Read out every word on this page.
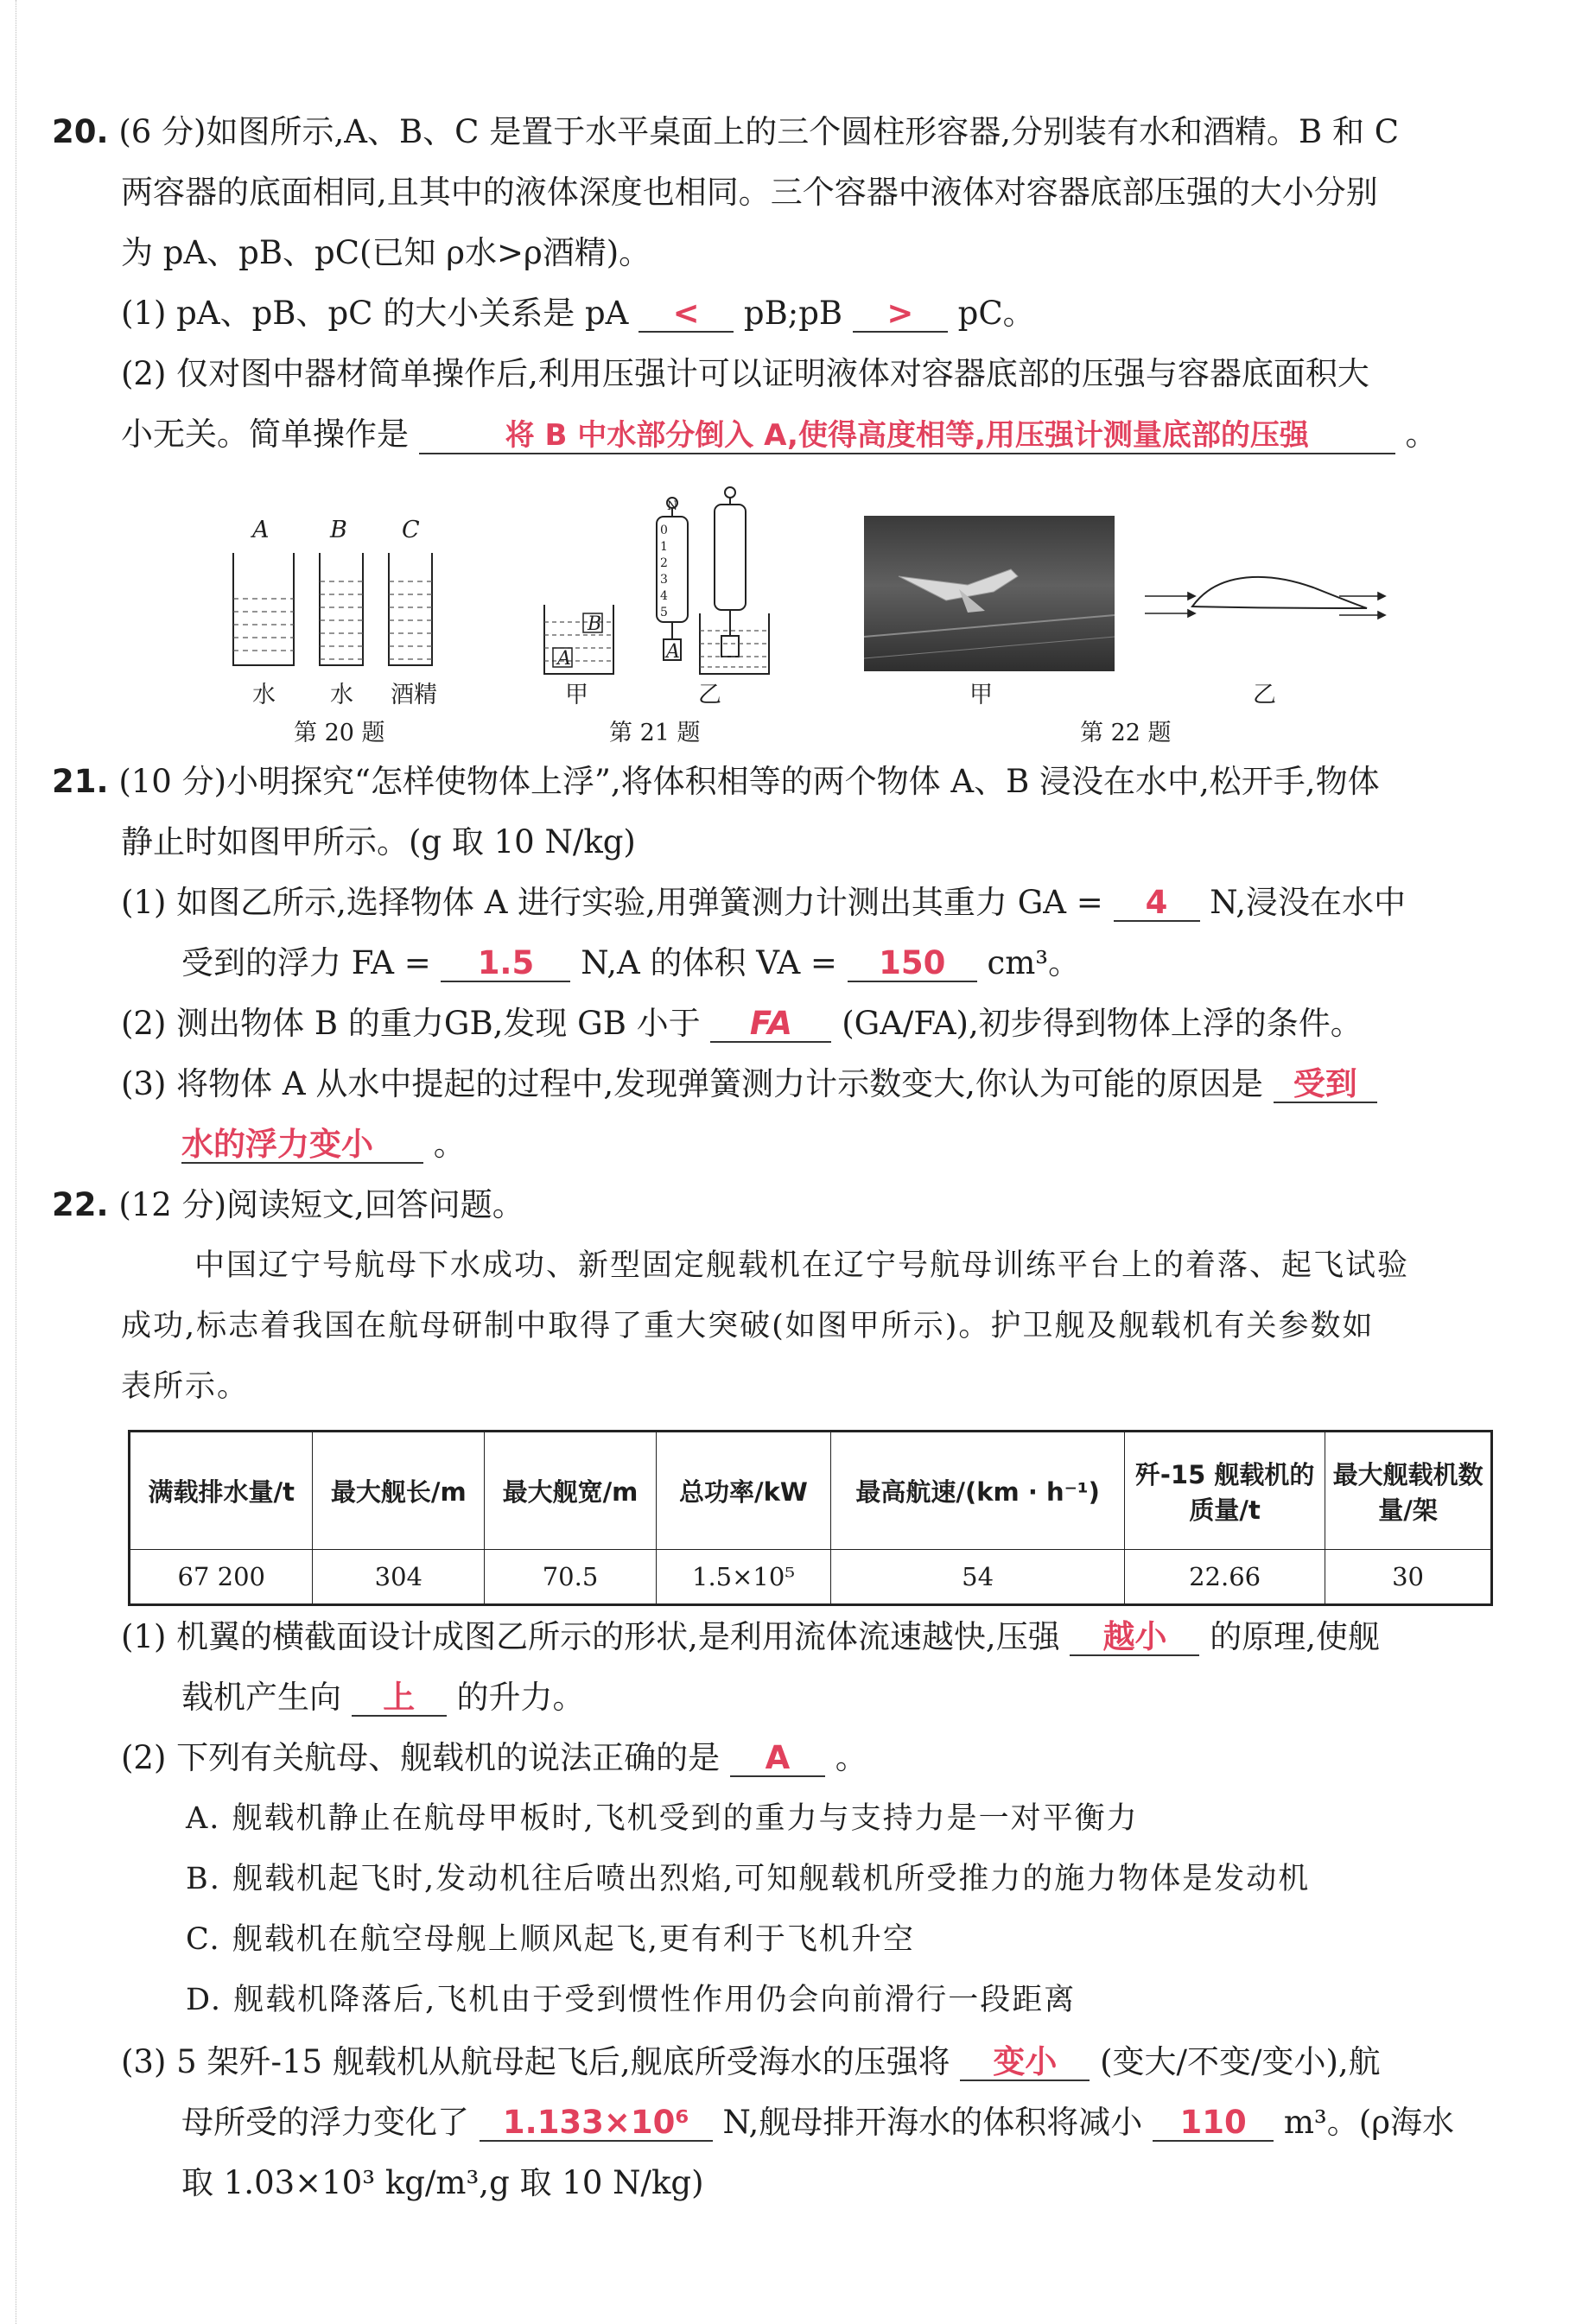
20. (6 分)如图所示,A、B、C 是置于水平桌面上的三个圆柱形容器,分别装有水和酒精。B 和 C
两容器的底面相同,且其中的液体深度也相同。三个容器中液体对容器底部压强的大小分别
为 pA、pB、pC(已知 ρ水>ρ酒精)。
(1) pA、pB、pC 的大小关系是 pA < pB;pB > pC。
(2) 仅对图中器材简单操作后,利用压强计可以证明液体对容器底部的压强与容器底面积大
小无关。简单操作是	将 B 中水部分倒入 A,使得高度相等,用压强计测量底部的压强	。
A	B C
水 水 酒精
第 20 题
B
A	A
N
0
1
2
3
4
5
甲	乙
第 21 题
甲	乙
第 22 题
21. (10 分)小明探究“怎样使物体上浮”,将体积相等的两个物体 A、B 浸没在水中,松开手,物体
静止时如图甲所示。(g 取 10 N/kg)
(1) 如图乙所示,选择物体 A 进行实验,用弹簧测力计测出其重力 GA = 4 N,浸没在水中
受到的浮力 FA = 1.5 N,A 的体积 VA = 150 cm³。
(2) 测出物体 B 的重力GB,发现 GB 小于 FA (GA/FA),初步得到物体上浮的条件。
(3) 将物体 A 从水中提起的过程中,发现弹簧测力计示数变大,你认为可能的原因是 受到
水的浮力变小 。
22. (12 分)阅读短文,回答问题。
中国辽宁号航母下水成功、新型固定舰载机在辽宁号航母训练平台上的着落、起飞试验
成功,标志着我国在航母研制中取得了重大突破(如图甲所示)。护卫舰及舰载机有关参数如
表所示。
满载排水量/t	最大舰长/m	最大舰宽/m	总功率/kW	最高航速/(km · h⁻¹)	歼-15 舰载机的质量/t	最大舰载机数量/架
67 200	304	70.5	1.5×10⁵	54	22.66	30
(1) 机翼的横截面设计成图乙所示的形状,是利用流体流速越快,压强 越小 的原理,使舰
载机产生向 上 的升力。
(2) 下列有关航母、舰载机的说法正确的是 A 。
A. 舰载机静止在航母甲板时,飞机受到的重力与支持力是一对平衡力
B. 舰载机起飞时,发动机往后喷出烈焰,可知舰载机所受推力的施力物体是发动机
C. 舰载机在航空母舰上顺风起飞,更有利于飞机升空
D. 舰载机降落后,飞机由于受到惯性作用仍会向前滑行一段距离
(3) 5 架歼-15 舰载机从航母起飞后,舰底所受海水的压强将 变小 (变大/不变/变小),航
母所受的浮力变化了 1.133×10⁶ N,舰母排开海水的体积将减小 110 m³。(ρ海水
取 1.03×10³ kg/m³,g 取 10 N/kg)
